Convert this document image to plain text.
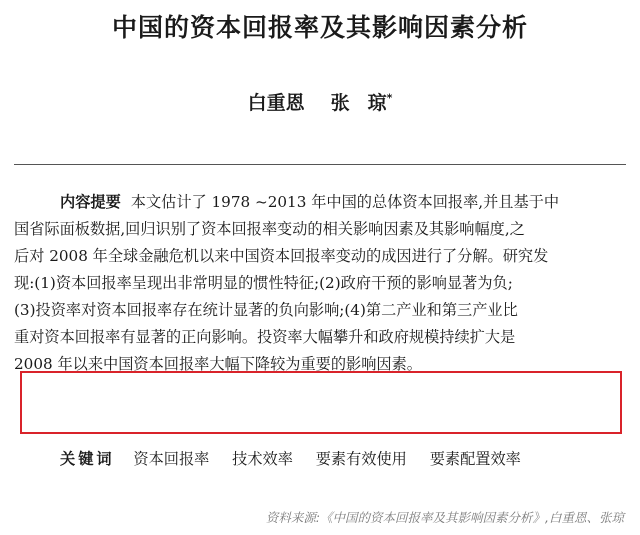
中国的资本回报率及其影响因素分析
白重恩 张 琼*
内容提要 本文估计了 1978 ~2013 年中国的总体资本回报率,并且基于中
国省际面板数据,回归识别了资本回报率变动的相关影响因素及其影响幅度,之
后对 2008 年全球金融危机以来中国资本回报率变动的成因进行了分解。研究发
现:(1)资本回报率呈现出非常明显的惯性特征;(2)政府干预的影响显著为负;
(3)投资率对资本回报率存在统计显著的负向影响;(4)第二产业和第三产业比
重对资本回报率有显著的正向影响。投资率大幅攀升和政府规模持续扩大是
2008 年以来中国资本回报率大幅下降较为重要的影响因素。
关键词 资本回报率 技术效率 要素有效使用 要素配置效率
资料来源:《中国的资本回报率及其影响因素分析》,白重恩、张琼
